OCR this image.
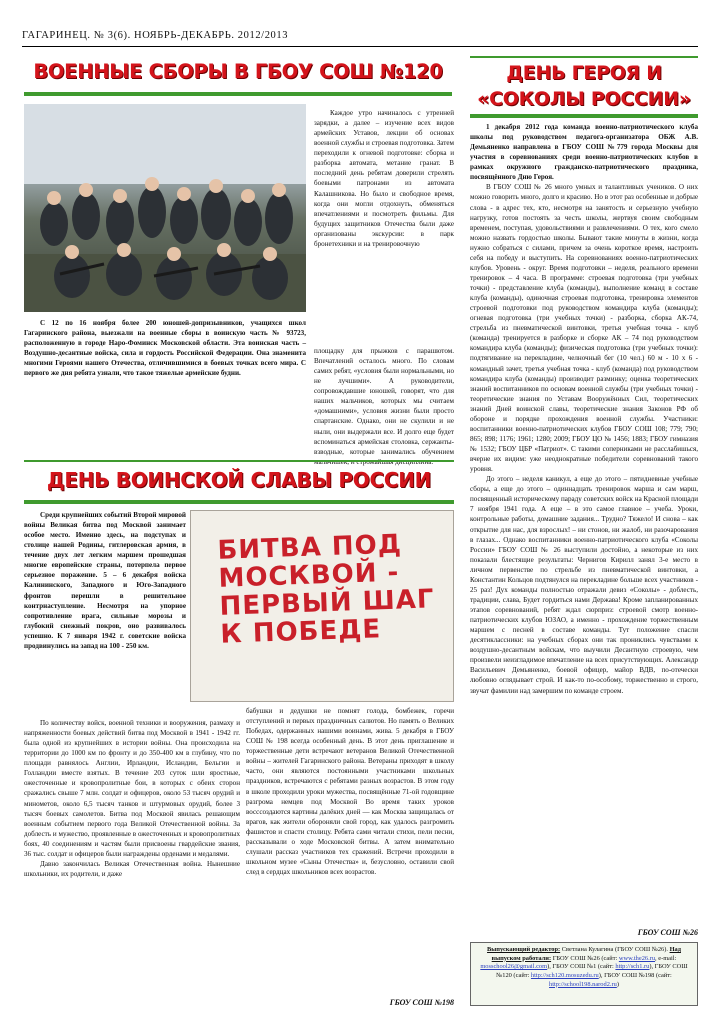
ГАГАРИНЕЦ. № 3(6). НОЯБРЬ-ДЕКАБРЬ. 2012/2013
ВОЕННЫЕ СБОРЫ В ГБОУ СОШ №120

Каждое утро начиналось с утренней зарядки, а далее – изучение всех видов армейских Уставов, лекции об основах военной службы и строевая подготовка. Затем переходили к огневой подготовке: сборка и разборка автомата, метание гранат. В последний день ребятам доверили стрелять боевыми патронами из автомата Калашникова. Но было и свободное время, когда они могли отдохнуть, обменяться впечатлениями и посмотреть фильмы. Для будущих защитников Отечества были даже организованы экскурсии: в парк бронетехники и на тренировочную

С 12 по 16 ноября более 200 юношей-допризывников, учащихся школ Гагаринского района, выезжали на военные сборы в воинскую часть № 93723, расположенную в городе Наро-Фоминск Московской области. Эта воинская часть – Воздушно-десантные войска, сила и гордость Российской Федерации. Она знаменита многими Героями нашего Отечества, отличившимися в боевых точках всего мира. С первого же дня ребята узнали, что такое тяжелые армейские будни.

площадку для прыжков с парашютом. Впечатлений осталось много. По словам самих ребят, «условия были нормальными, но не лучшими». А руководители, сопровождавшие юношей, говорят, что для наших мальчиков, которых мы считаем «домашними», условия жизни были просто спартанские. Однако, они не скулили и не ныли, они выдержали все. И долго еще будет вспоминаться армейская столовка, сержанты-взводные, которые занимались обучением

ДЕНЬ ВОИНСКОЙ СЛАВЫ РОССИИ

Среди крупнейших событий Второй мировой войны Великая битва под Москвой занимает особое место. Именно здесь, на подступах и столице нашей Родины, гитлеровская армия, в течение двух лет легким маршем прошедшая многие европейские страны, потерпела первое серьезное поражение. 5 – 6 декабря войска Калининского, Западного и Юго-Западного фронтов перешли в решительное контрнаступление. Несмотря на упорное сопротивление врага, сильные морозы и глубокий снежный покров, оно развивалось успешно. К 7 января 1942 г. советские войска продвинулись на запад на 100 - 250 км.

БИТВА ПОД МОСКВОЙ - ПЕРВЫЙ ШАГ К ПОБЕДЕ

По количеству войск, военной техники и вооружения, размаху и напряженности боевых действий битва под Москвой в 1941 - 1942 гг. была одной из крупнейших в истории войны. Она происходила на территории до 1000 км по фронту и до 350-400 км в глубину, что по площади равнялось Англии, Ирландии, Исландии, Бельгии и Голландии вместе взятых. В течение 203 суток шли яростные, ожесточенные и кровопролитные бои, в которых с обеих сторон сражались свыше 7 млн. солдат и офицеров, около 53 тысяч орудий и минометов, около 6,5 тысяч танков и штурмовых орудий, более 3 тысяч боевых самолетов. Битва под Москвой явилась решающим военным событием первого года Великой Отечественной войны. За доблесть и мужество, проявленные в ожесточенных и кровопролитных боях, 40 соединениям и частям были присвоены гвардейские звания, 36 тыс. солдат и офицеров были награждены орденами и медалями.

Давно закончилась Великая Отечественная война. Нынешние школьники, их родители, и даже

бабушки и дедушки не помнят голода, бомбежек, горечи отступлений и первых праздничных салютов. Но память о Великих Победах, одержанных нашими воинами, жива. 5 декабря в ГБОУ СОШ № 198 всегда особенный день. В этот день приглашение и торжественные дети встречают ветеранов Великой Отечественной войны – жителей Гагаринского района. Ветераны приходят в школу часто, они являются постоянными участниками школьных праздников, встречаются с ребятами разных возрастов. В этом году в школе проходили уроки мужества, посвящённые 71-ой годовщине разгрома немцев под Москвой Во время таких уроков восссоздаются картины далёких дней — как Москва защищалась от врагов, как жители обороняли свой город, как удалось разгромить фашистов и спасти столицу. Ребята сами читали стихи, пели песни, рассказывали о ходе Московской битвы. А затем внимательно слушали рассказ участников тех сражений. Встречи проходили в школьном музее «Сыны Отечества» и, безусловно, оставили свой след в сердцах школьников всех возрастов.

ГБОУ СОШ №198
ДЕНЬ ГЕРОЯ И
«СОКОЛЫ РОССИИ»

1 декабря 2012 года команда военно-патриотического клуба школы под руководством педагога-организатора ОБЖ А.В. Демьяненко направлена в ГБОУ СОШ №779 города Москвы для участия в соревнованиях среди военно-патриотических клубов в рамках окружного гражданско-патриотического праздника, посвящённого Дню Героя.

В ГБОУ СОШ № 26 много умных и талантливых учеников. О них можно говорить много, долго и красиво. Но в этот раз особенные и добрые слова - в адрес тех, кто, несмотря на занятость и серьезную учебную нагрузку, готов постоять за честь школы, жертвуя своим свободным временем, поступая, удовольствиями и развлечениями. О тех, кого смело можно назвать гордостью школы. Бывают такие минуты в жизни, когда нужно собраться с силами, причем за очень короткое время, настроить себя на победу и выступить. На соревнованиях военно-патриотических клубов. Уровень - округ. Время подготовки – неделя, реального времени тренировок – 4 часа. В программе: строевая подготовка (три учебных точки) - представление клуба (команды), выполнение команд в составе клуба (команды), одиночная строевая подготовка, тренировка элементов строевой подготовки под руководством командира клуба (команды); огневая подготовка (три учебных точки) - разборка, сборка АК-74, стрельба из пневматической винтовки, третья учебная точка - клуб (команда) тренируется в разборке и сборке АК – 74 под руководством командира клуба (команды); физическая подготовка (три учебных точки): подтягивание на перекладине, челночный бег (10 чел.) 60 м - 10 х 6 - командный зачет, третья учебная точка - клуб (команда) под руководством командира клуба (команды) производит разминку; оценка теоретических знаний воспитанников по основам военной службы (три учебных точки) - теоретические знания по Уставам Вооружённых Сил, теоретических знаний Дней воинской славы, теоретические знания Законов РФ об обороне и порядке прохождения военной службы. Участники: воспитанники военно-патриотических клубов ГБОУ СОШ 108; 779; 790; 865; 898; 1176; 1961; 1280; 2009; ГБОУ ЦО № 1456; 1883; ГБОУ гимназия № 1532; ГБОУ ЦБР «Патриот». С такими соперниками не расслабишься, вчерне их видим: уже неоднократные победители соревнований такого уровня.

До этого – неделя каникул, а еще до этого – пятидневные учебные сборы, а еще до этого – одиннадцать тренировок марша и сам марш, посвященный историческому параду советских войск на Красной площади 7 ноября 1941 года. А еще – в это самое главное – учеба. Уроки, контрольные работы, домашние задания... Трудно? Тяжело! И снова – как открытие для нас, для взрослых! – ни стонов, ни жалоб, ни разочарования в глазах... Однако воспитанники военно-патриотического клуба «Соколы России» ГБОУ СОШ № 26 выступили достойно, а некоторые из них показали блестящие результаты: Чернигов Кирилл занял 3-е место в личном первенстве по стрельбе из пневматической винтовки, а Константин Кольцов подтянулся на перекладине больше всех участников - 25 раз! Дух команды полностью отражали девиз «Соколы» - доблесть, традиции, слава, Будет гордиться нами Держава! Кроме запланированных этапов соревнований, ребят ждал сюрприз: строевой смотр военно-патриотических клубов ЮЗАО, а именно - прохождение торжественным маршем с песней в составе команды. Тут положение спасли десятиклассники: на учебных сборах они так прониклись чувствами к воздушно-десантным войскам, что выучили Десантную строевую, чем произвели неизгладимое впечатление на всех присутствующих. Александр Васильевич Демьяненко, боевой офицер, майор ВДВ, по-отечески любовно оглядывает строй. И как-то по-особому, торжественно и строго, звучат фамилии над замершим по команде строем.

ГБОУ СОШ №26
Выпускающий редактор: Светлана Кулагина (ГБОУ СОШ №26). Над выпуском работали: ГБОУ СОШ №26 (сайт: www.the26.ru, e-mail: mosschool26@gmail.com), ГБОУ СОШ №1 (сайт: http://sch1.ru), ГБОУ СОШ №120 (сайт: http://sch120.mosuzedu.ru), ГБОУ СОШ №198 (сайт: http://school198.narod2.ru)
